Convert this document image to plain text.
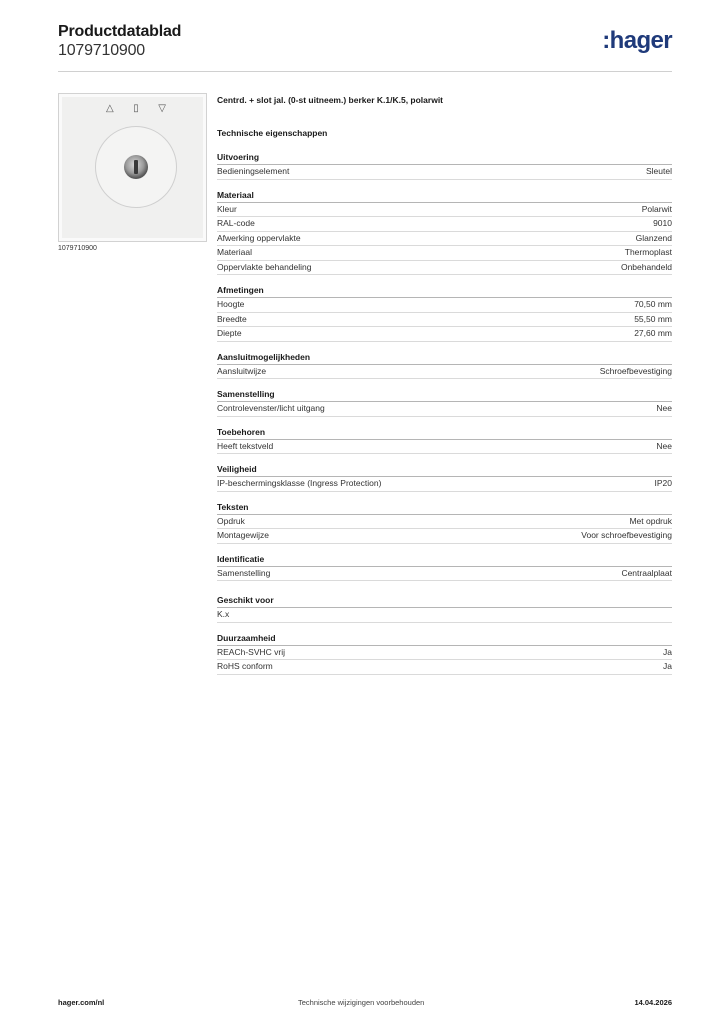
Productdatablad
1079710900	:hager
△ ▯ ▽
1079710900
Centrd. + slot jal. (0-st uitneem.) berker K.1/K.5, polarwit
Technische eigenschappen
Uitvoering
Bedieningselement	Sleutel
Materiaal
Kleur	Polarwit
RAL-code	9010
Afwerking oppervlakte	Glanzend
Materiaal	Thermoplast
Oppervlakte behandeling	Onbehandeld
Afmetingen
Hoogte	70,50 mm
Breedte	55,50 mm
Diepte	27,60 mm
Aansluitmogelijkheden
Aansluitwijze	Schroefbevestiging
Samenstelling
Controlevenster/licht uitgang	Nee
Toebehoren
Heeft tekstveld	Nee
Veiligheid
IP-beschermingsklasse (Ingress Protection)	IP20
Teksten
Opdruk	Met opdruk
Montagewijze	Voor schroefbevestiging
Identificatie
Samenstelling	Centraalplaat
Geschikt voor
K.x
Duurzaamheid
REACh-SVHC vrij	Ja
RoHS conform	Ja
hager.com/nl	Technische wijzigingen voorbehouden	14.04.2026
